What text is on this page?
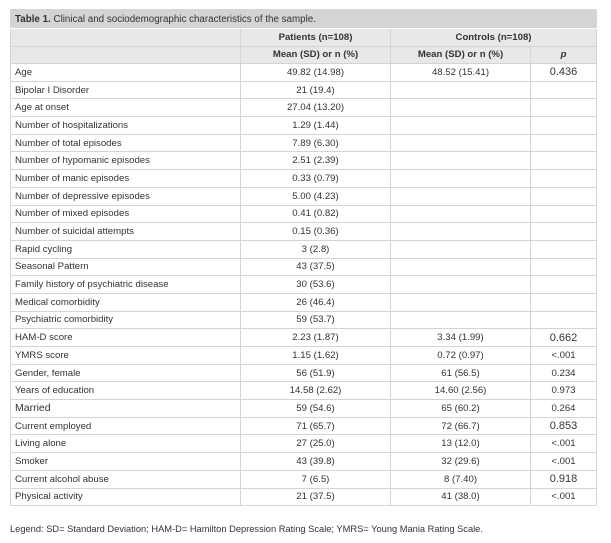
Table 1. Clinical and sociodemographic characteristics of the sample.			
	Patients (n=108)	Controls (n=108)	
	Mean (SD) or n (%)	Mean (SD) or n (%)	p
Age	49.82 (14.98)	48.52 (15.41)	0.436
Bipolar I Disorder	21 (19.4)		
Age at onset	27.04 (13.20)		
Number of hospitalizations	1.29 (1.44)		
Number of total episodes	7.89 (6.30)		
Number of hypomanic episodes	2.51 (2.39)		
Number of manic episodes	0.33 (0.79)		
Number of depressive episodes	5.00 (4.23)		
Number of mixed episodes	0.41 (0.82)		
Number of suicidal attempts	0.15 (0.36)		
Rapid cycling	3 (2.8)		
Seasonal Pattern	43 (37.5)		
Family history of psychiatric disease	30 (53.6)		
Medical comorbidity	26 (46.4)		
Psychiatric comorbidity	59 (53.7)		
HAM-D score	2.23 (1.87)	3.34 (1.99)	0.662
YMRS score	1.15 (1.62)	0.72 (0.97)	<.001
Gender, female	56 (51.9)	61 (56.5)	0.234
Years of education	14.58 (2.62)	14.60 (2.56)	0.973
Married	59 (54.6)	65 (60.2)	0.264
Current employed	71 (65.7)	72 (66.7)	0.853
Living alone	27 (25.0)	13 (12.0)	<.001
Smoker	43 (39.8)	32 (29.6)	<.001
Current alcohol abuse	7 (6.5)	8 (7.40)	0.918
Physical activity	21 (37.5)	41 (38.0)	<.001
Legend: SD= Standard Deviation; HAM-D= Hamilton Depression Rating Scale; YMRS= Young Mania Rating Scale.
